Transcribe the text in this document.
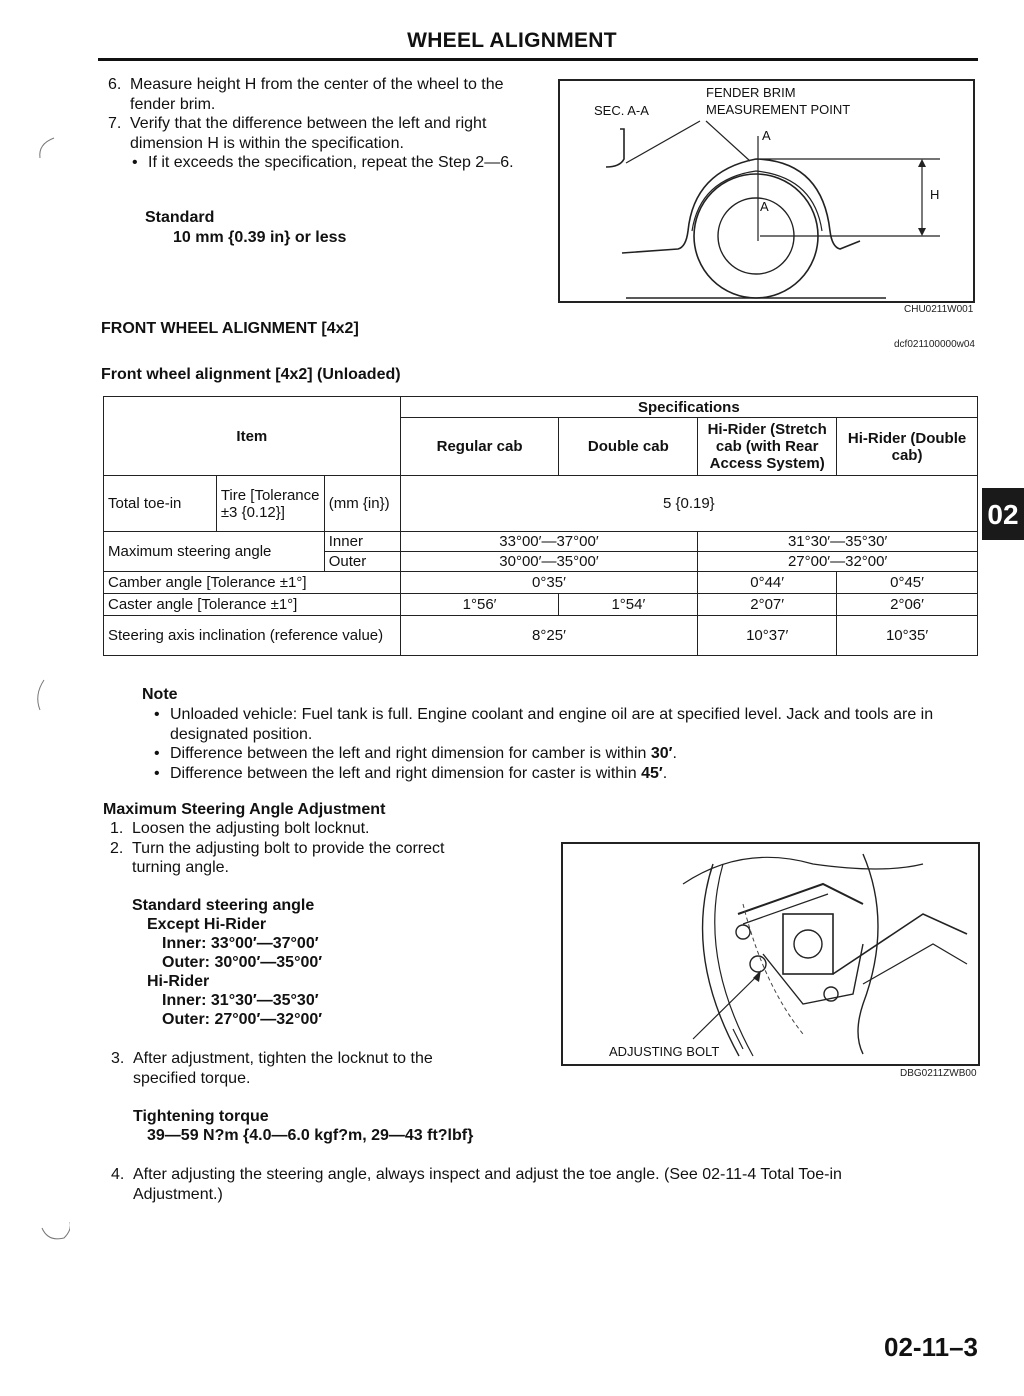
WHEEL ALIGNMENT
6. Measure height H from the center of the wheel to the fender brim.
7. Verify that the difference between the left and right dimension H is within the specification.
• If it exceeds the specification, repeat the Step 2—6.
Standard
10 mm {0.39 in} or less
SEC. A-A
FENDER BRIM
MEASUREMENT POINT
A
A
H
CHU0211W001
FRONT WHEEL ALIGNMENT [4x2]
dcf021100000w04
Front wheel alignment [4x2] (Unloaded)
Item			Specifications			
			Regular cab	Double cab	Hi-Rider (Stretch cab (with Rear Access System)	Hi-Rider (Double cab)
Total toe-in	Tire [Tolerance ±3 {0.12}]	(mm {in})	5 {0.19}			
Maximum steering angle		Inner	33°00′—37°00′		31°30′—35°30′	
		Outer	30°00′—35°00′		27°00′—32°00′	
Camber angle [Tolerance ±1°]			0°35′		0°44′	0°45′
Caster angle [Tolerance ±1°]			1°56′	1°54′	2°07′	2°06′
Steering axis inclination (reference value)			8°25′		10°37′	10°35′
02
Note
• Unloaded vehicle: Fuel tank is full. Engine coolant and engine oil are at specified level. Jack and tools are in designated position.
• Difference between the left and right dimension for camber is within 30′.
• Difference between the left and right dimension for caster is within 45′.
Maximum Steering Angle Adjustment
1. Loosen the adjusting bolt locknut.
2. Turn the adjusting bolt to provide the correct turning angle.
Standard steering angle
Except Hi-Rider
Inner: 33°00′—37°00′
Outer: 30°00′—35°00′
Hi-Rider
Inner: 31°30′—35°30′
Outer: 27°00′—32°00′
3. After adjustment, tighten the locknut to the specified torque.
Tightening torque
39—59 N?m {4.0—6.0 kgf?m, 29—43 ft?lbf}
4. After adjusting the steering angle, always inspect and adjust the toe angle. (See 02-11-4 Total Toe-in Adjustment.)
ADJUSTING BOLT
DBG0211ZWB00
02-11–3
